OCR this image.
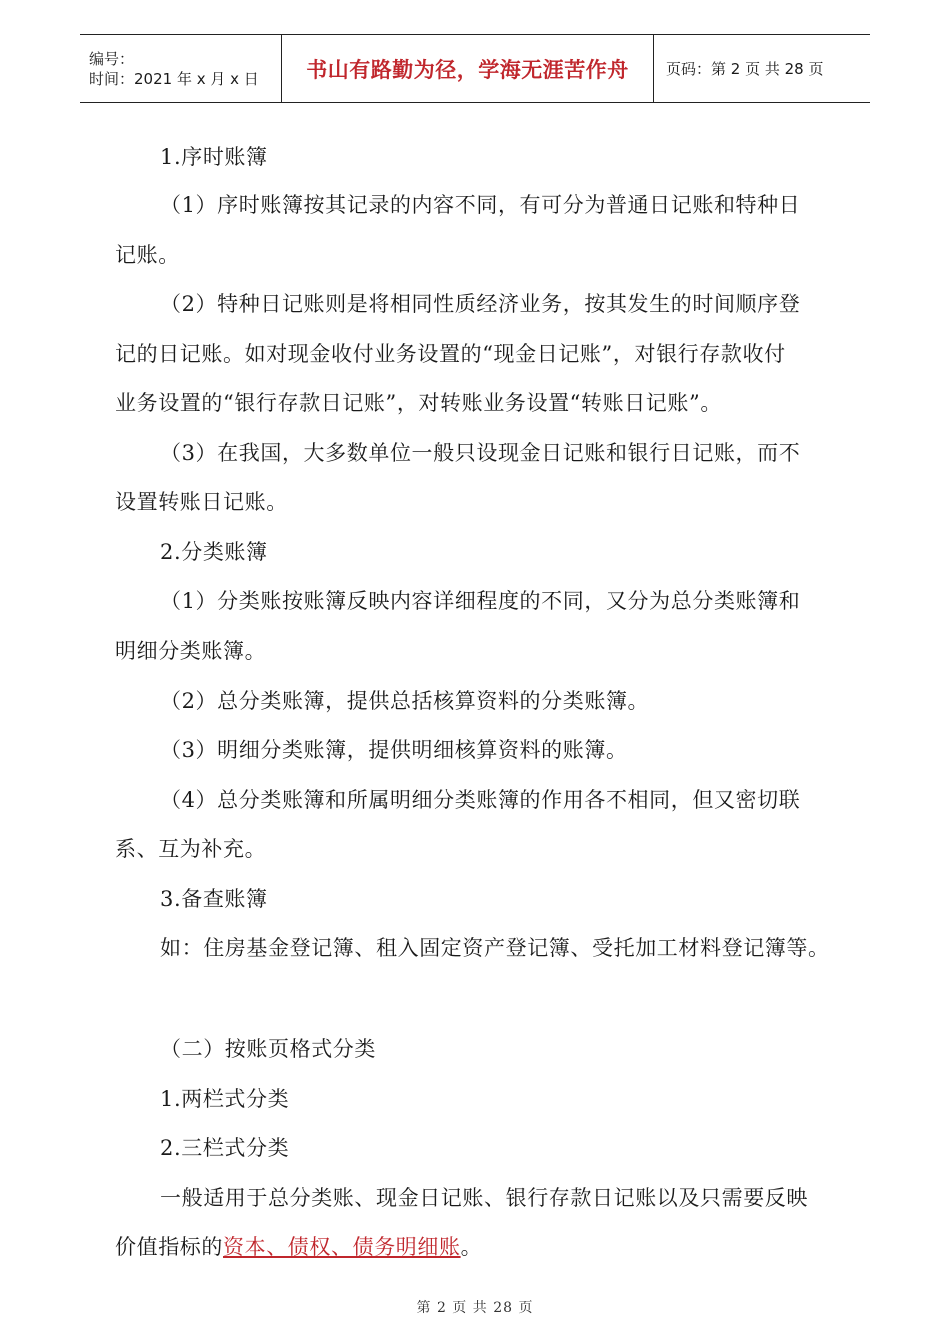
编号：
时间：2021 年 x 月 x 日	书山有路勤为径，学海无涯苦作舟	页码：第 2 页 共 28 页
1.序时账簿
（1）序时账簿按其记录的内容不同，有可分为普通日记账和特种日
记账。
（2）特种日记账则是将相同性质经济业务，按其发生的时间顺序登
记的日记账。如对现金收付业务设置的“现金日记账”，对银行存款收付
业务设置的“银行存款日记账”，对转账业务设置“转账日记账”。
（3）在我国，大多数单位一般只设现金日记账和银行日记账，而不
设置转账日记账。
2.分类账簿
（1）分类账按账簿反映内容详细程度的不同，又分为总分类账簿和
明细分类账簿。
（2）总分类账簿，提供总括核算资料的分类账簿。
（3）明细分类账簿，提供明细核算资料的账簿。
（4）总分类账簿和所属明细分类账簿的作用各不相同，但又密切联
系、互为补充。
3.备查账簿
如：住房基金登记簿、租入固定资产登记簿、受托加工材料登记簿等。
（二）按账页格式分类
1.两栏式分类
2.三栏式分类
一般适用于总分类账、现金日记账、银行存款日记账以及只需要反映
价值指标的资本、债权、债务明细账。
第 2 页 共 28 页
